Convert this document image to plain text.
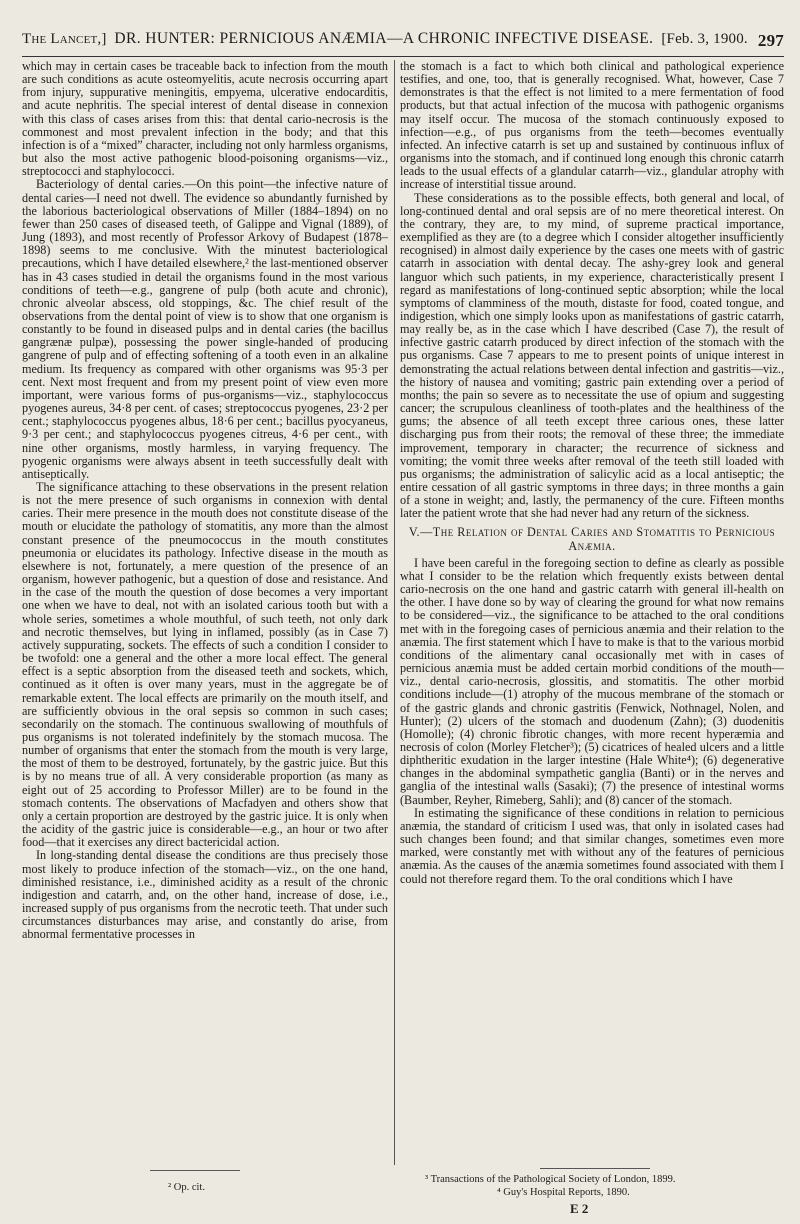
The Lancet,] DR. HUNTER: PERNICIOUS ANÆMIA—A CHRONIC INFECTIVE DISEASE. [Feb. 3, 1900. 297

which may in certain cases be traceable back to infection from the mouth are such conditions as acute osteomyelitis, acute necrosis occurring apart from injury, suppurative meningitis, empyema, ulcerative endocarditis, and acute nephritis. The special interest of dental disease in connexion with this class of cases arises from this: that dental cario-necrosis is the commonest and most prevalent infection in the body; and that this infection is of a “mixed” character, including not only harmless organisms, but also the most active pathogenic blood-poisoning organisms—viz., streptococci and staphylococci.

Bacteriology of dental caries.—On this point—the infective nature of dental caries—I need not dwell. The evidence so abundantly furnished by the laborious bacteriological observations of Miller (1884–1894) on no fewer than 250 cases of diseased teeth, of Galippe and Vignal (1889), of Jung (1893), and most recently of Professor Arkovy of Budapest (1878–1898) seems to me conclusive. With the minutest bacteriological precautions, which I have detailed elsewhere,² the last-mentioned observer has in 43 cases studied in detail the organisms found in the most various conditions of teeth—e.g., gangrene of pulp (both acute and chronic), chronic alveolar abscess, old stoppings, &c. The chief result of the observations from the dental point of view is to show that one organism is constantly to be found in diseased pulps and in dental caries (the bacillus gangrænæ pulpæ), possessing the power single-handed of producing gangrene of pulp and of effecting softening of a tooth even in an alkaline medium. Its frequency as compared with other organisms was 95·3 per cent. Next most frequent and from my present point of view even more important, were various forms of pus-organisms—viz., staphylococcus pyogenes aureus, 34·8 per cent. of cases; streptococcus pyogenes, 23·2 per cent.; staphylococcus pyogenes albus, 18·6 per cent.; bacillus pyocyaneus, 9·3 per cent.; and staphylococcus pyogenes citreus, 4·6 per cent., with nine other organisms, mostly harmless, in varying frequency. The pyogenic organisms were always absent in teeth successfully dealt with antiseptically.

The significance attaching to these observations in the present relation is not the mere presence of such organisms in connexion with dental caries. Their mere presence in the mouth does not constitute disease of the mouth or elucidate the pathology of stomatitis, any more than the almost constant presence of the pneumococcus in the mouth constitutes pneumonia or elucidates its pathology. Infective disease in the mouth as elsewhere is not, fortunately, a mere question of the presence of an organism, however pathogenic, but a question of dose and resistance. And in the case of the mouth the question of dose becomes a very important one when we have to deal, not with an isolated carious tooth but with a whole series, sometimes a whole mouthful, of such teeth, not only dark and necrotic themselves, but lying in inflamed, possibly (as in Case 7) actively suppurating, sockets. The effects of such a condition I consider to be twofold: one a general and the other a more local effect. The general effect is a septic absorption from the diseased teeth and sockets, which, continued as it often is over many years, must in the aggregate be of remarkable extent. The local effects are primarily on the mouth itself, and are sufficiently obvious in the oral sepsis so common in such cases; secondarily on the stomach. The continuous swallowing of mouthfuls of pus organisms is not tolerated indefinitely by the stomach mucosa. The number of organisms that enter the stomach from the mouth is very large, the most of them to be destroyed, fortunately, by the gastric juice. But this is by no means true of all. A very considerable proportion (as many as eight out of 25 according to Professor Miller) are to be found in the stomach contents. The observations of Macfadyen and others show that only a certain proportion are destroyed by the gastric juice. It is only when the acidity of the gastric juice is considerable—e.g., an hour or two after food—that it exercises any direct bactericidal action.

In long-standing dental disease the conditions are thus precisely those most likely to produce infection of the stomach—viz., on the one hand, diminished resistance, i.e., diminished acidity as a result of the chronic indigestion and catarrh, and, on the other hand, increase of dose, i.e., increased supply of pus organisms from the necrotic teeth. That under such circumstances disturbances may arise, and constantly do arise, from abnormal fermentative processes in

the stomach is a fact to which both clinical and pathological experience testifies, and one, too, that is generally recognised. What, however, Case 7 demonstrates is that the effect is not limited to a mere fermentation of food products, but that actual infection of the mucosa with pathogenic organisms may itself occur. The mucosa of the stomach continuously exposed to infection—e.g., of pus organisms from the teeth—becomes eventually infected. An infective catarrh is set up and sustained by continuous influx of organisms into the stomach, and if continued long enough this chronic catarrh leads to the usual effects of a glandular catarrh—viz., glandular atrophy with increase of interstitial tissue around.

These considerations as to the possible effects, both general and local, of long-continued dental and oral sepsis are of no mere theoretical interest. On the contrary, they are, to my mind, of supreme practical importance, exemplified as they are (to a degree which I consider altogether insufficiently recognised) in almost daily experience by the cases one meets with of gastric catarrh in association with dental decay. The ashy-grey look and general languor which such patients, in my experience, characteristically present I regard as manifestations of long-continued septic absorption; while the local symptoms of clamminess of the mouth, distaste for food, coated tongue, and indigestion, which one simply looks upon as manifestations of gastric catarrh, may really be, as in the case which I have described (Case 7), the result of infective gastric catarrh produced by direct infection of the stomach with the pus organisms. Case 7 appears to me to present points of unique interest in demonstrating the actual relations between dental infection and gastritis—viz., the history of nausea and vomiting; gastric pain extending over a period of months; the pain so severe as to necessitate the use of opium and suggesting cancer; the scrupulous cleanliness of tooth-plates and the healthiness of the gums; the absence of all teeth except three carious ones, these latter discharging pus from their roots; the removal of these three; the immediate improvement, temporary in character; the recurrence of sickness and vomiting; the vomit three weeks after removal of the teeth still loaded with pus organisms; the administration of salicylic acid as a local antiseptic; the entire cessation of all gastric symptoms in three days; in three months a gain of a stone in weight; and, lastly, the permanency of the cure. Fifteen months later the patient wrote that she had never had any return of the sickness.

V.—The Relation of Dental Caries and Stomatitis to Pernicious Anæmia.

I have been careful in the foregoing section to define as clearly as possible what I consider to be the relation which frequently exists between dental cario-necrosis on the one hand and gastric catarrh with general ill-health on the other. I have done so by way of clearing the ground for what now remains to be considered—viz., the significance to be attached to the oral conditions met with in the foregoing cases of pernicious anæmia and their relation to the anæmia. The first statement which I have to make is that to the various morbid conditions of the alimentary canal occasionally met with in cases of pernicious anæmia must be added certain morbid conditions of the mouth—viz., dental cario-necrosis, glossitis, and stomatitis. The other morbid conditions include—(1) atrophy of the mucous membrane of the stomach or of the gastric glands and chronic gastritis (Fenwick, Nothnagel, Nolen, and Hunter); (2) ulcers of the stomach and duodenum (Zahn); (3) duodenitis (Homolle); (4) chronic fibrotic changes, with more recent hyperæmia and necrosis of colon (Morley Fletcher³); (5) cicatrices of healed ulcers and a little diphtheritic exudation in the larger intestine (Hale White⁴); (6) degenerative changes in the abdominal sympathetic ganglia (Banti) or in the nerves and ganglia of the intestinal walls (Sasaki); (7) the presence of intestinal worms (Baumber, Reyher, Rimeberg, Sahli); and (8) cancer of the stomach.

In estimating the significance of these conditions in relation to pernicious anæmia, the standard of criticism I used was, that only in isolated cases had such changes been found; and that similar changes, sometimes even more marked, were constantly met with without any of the features of pernicious anæmia. As the causes of the anæmia sometimes found associated with them I could not therefore regard them. To the oral conditions which I have

² Op. cit.
³ Transactions of the Pathological Society of London, 1899.
⁴ Guy's Hospital Reports, 1890.
E 2
